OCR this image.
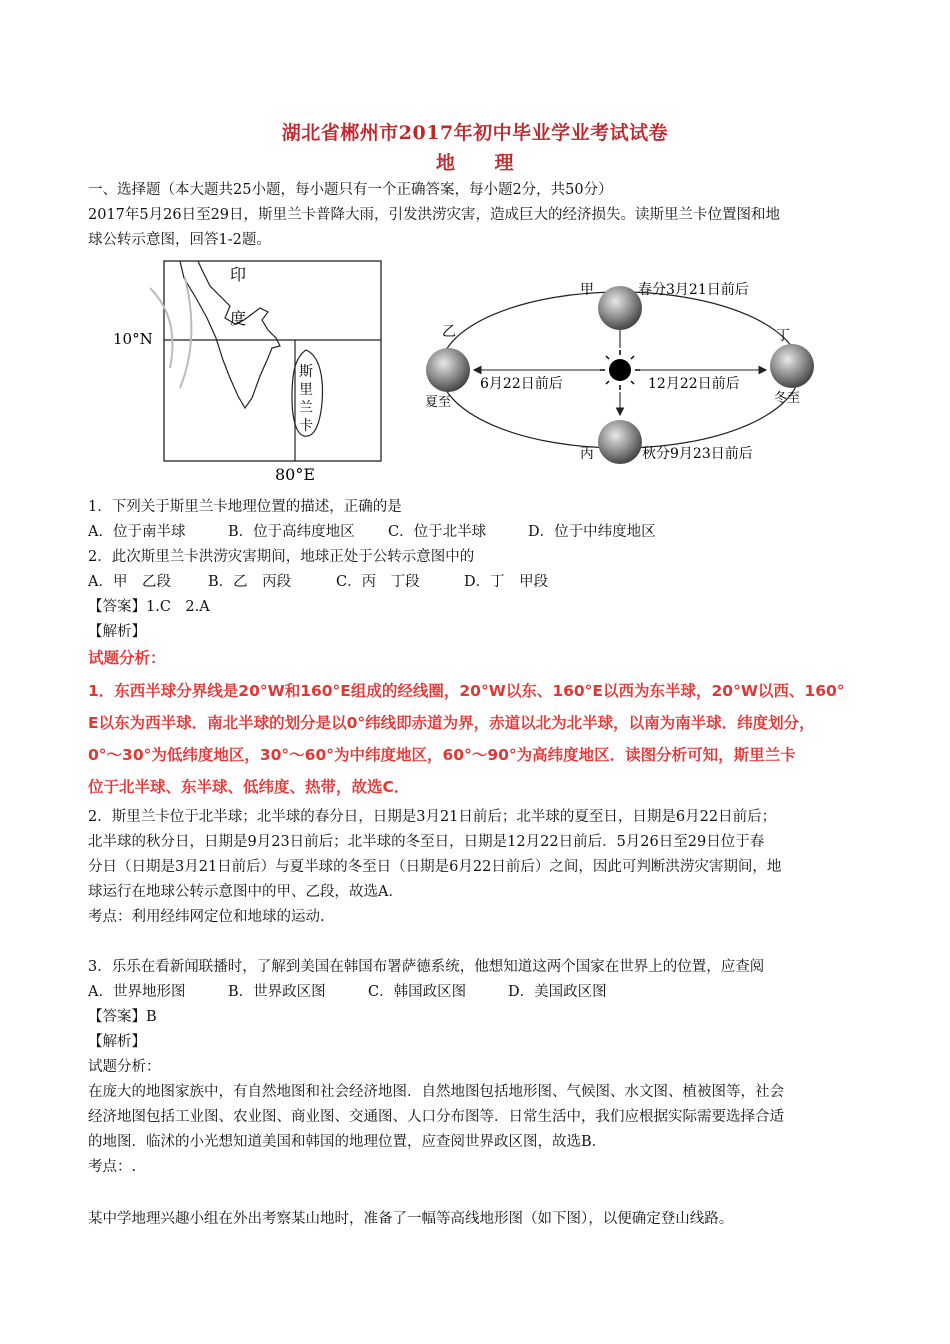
湖北省郴州市2017年初中毕业学业考试试卷
地　　理
一、选择题（本大题共25小题，每小题只有一个正确答案，每小题2分，共50分）
2017年5月26日至29日，斯里兰卡普降大雨，引发洪涝灾害，造成巨大的经济损失。读斯里兰卡位置图和地
球公转示意图，回答1-2题。
印
度
10°N
80°E
斯
里
兰
卡
甲	春分3月21日前后
乙
夏至
6月22日前后	12月22日前后
丁
冬至
丙	秋分9月23日前后
1．下列关于斯里兰卡地理位置的描述，正确的是
A．位于南半球	B．位于高纬度地区 C．位于北半球	D．位于中纬度地区
2．此次斯里兰卡洪涝灾害期间，地球正处于公转示意图中的
A．甲　乙段	B．乙　丙段	C．丙　丁段	D．丁　甲段
【答案】1.C　2.A
【解析】
试题分析：
1．东西半球分界线是20°W和160°E组成的经线圈，20°W以东、160°E以西为东半球，20°W以西、160°
E以东为西半球．南北半球的划分是以0°纬线即赤道为界，赤道以北为北半球，以南为南半球．纬度划分，
0°～30°为低纬度地区，30°～60°为中纬度地区，60°～90°为高纬度地区．读图分析可知，斯里兰卡
位于北半球、东半球、低纬度、热带，故选C．
2．斯里兰卡位于北半球；北半球的春分日，日期是3月21日前后；北半球的夏至日，日期是6月22日前后；
北半球的秋分日，日期是9月23日前后；北半球的冬至日，日期是12月22日前后．5月26日至29日位于春
分日（日期是3月21日前后）与夏半球的冬至日（日期是6月22日前后）之间，因此可判断洪涝灾害期间，地
球运行在地球公转示意图中的甲、乙段，故选A．
考点：利用经纬网定位和地球的运动.
3．乐乐在看新闻联播时，了解到美国在韩国布署萨德系统，他想知道这两个国家在世界上的位置，应查阅
A．世界地形图	B．世界政区图	C．韩国政区图	D．美国政区图
【答案】B
【解析】
试题分析：
在庞大的地图家族中，有自然地图和社会经济地图．自然地图包括地形图、气候图、水文图、植被图等，社会
经济地图包括工业图、农业图、商业图、交通图、人口分布图等．日常生活中，我们应根据实际需要选择合适
的地图．临沭的小光想知道美国和韩国的地理位置，应查阅世界政区图，故选B．
考点：.
某中学地理兴趣小组在外出考察某山地时，准备了一幅等高线地形图（如下图），以便确定登山线路。
